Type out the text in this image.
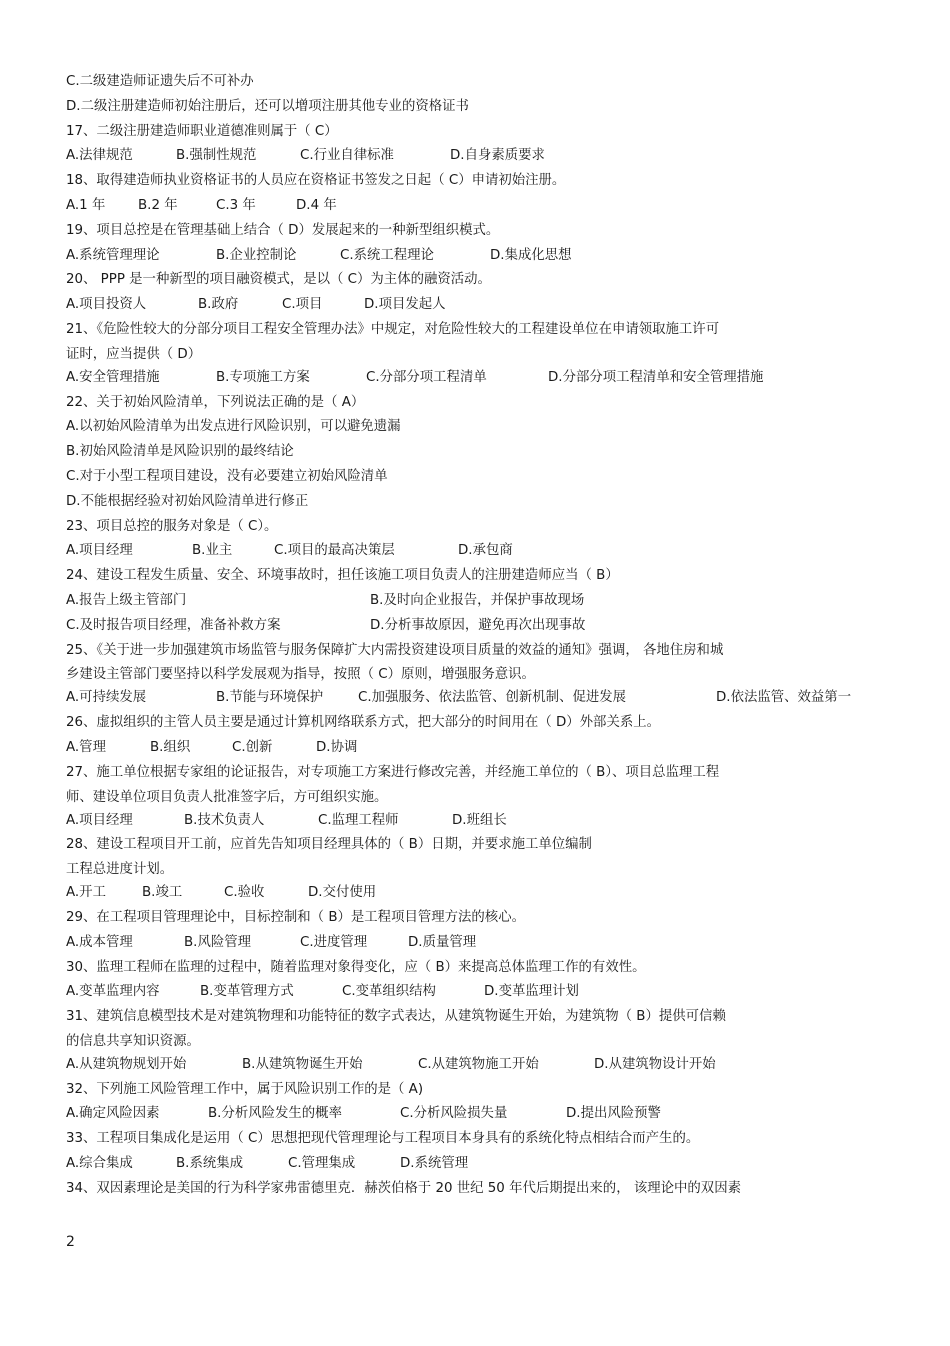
C.二级建造师证遗失后不可补办
D.二级注册建造师初始注册后，还可以增项注册其他专业的资格证书
17、二级注册建造师职业道德准则属于（ C）
A.法律规范	B.强制性规范	C.行业自律标准	D.自身素质要求
18、取得建造师执业资格证书的人员应在资格证书签发之日起（ C）申请初始注册。
A.1 年	B.2 年	C.3 年	D.4 年
19、项目总控是在管理基础上结合（ D）发展起来的一种新型组织模式。
A.系统管理理论	B.企业控制论	C.系统工程理论	D.集成化思想
20、 PPP 是一种新型的项目融资模式，是以（ C）为主体的融资活动。
A.项目投资人	B.政府	C.项目	D.项目发起人
21、《危险性较大的分部分项目工程安全管理办法》中规定，对危险性较大的工程建设单位在申请领取施工许可
证时，应当提供（ D）
A.安全管理措施	B.专项施工方案	C.分部分项工程清单	D.分部分项工程清单和安全管理措施
22、关于初始风险清单，下列说法正确的是（ A）
A.以初始风险清单为出发点进行风险识别，可以避免遗漏
B.初始风险清单是风险识别的最终结论
C.对于小型工程项目建设，没有必要建立初始风险清单
D.不能根据经验对初始风险清单进行修正
23、项目总控的服务对象是（ C）。
A.项目经理	B.业主	C.项目的最高决策层	D.承包商
24、建设工程发生质量、安全、环境事故时，担任该施工项目负责人的注册建造师应当（ B）
A.报告上级主管部门	B.及时向企业报告，并保护事故现场
C.及时报告项目经理，准备补救方案	D.分析事故原因，避免再次出现事故
25、《关于进一步加强建筑市场监管与服务保障扩大内需投资建设项目质量的效益的通知》强调， 各地住房和城
乡建设主管部门要坚持以科学发展观为指导，按照（ C）原则，增强服务意识。
A.可持续发展	B.节能与环境保护	C.加强服务、依法监管、创新机制、促进发展	D.依法监管、效益第一
26、虚拟组织的主管人员主要是通过计算机网络联系方式，把大部分的时间用在（ D）外部关系上。
A.管理	B.组织	C.创新	D.协调
27、施工单位根据专家组的论证报告，对专项施工方案进行修改完善，并经施工单位的（ B）、项目总监理工程
师、建设单位项目负责人批准签字后，方可组织实施。
A.项目经理	B.技术负责人	C.监理工程师	D.班组长
28、建设工程项目开工前，应首先告知项目经理具体的（ B）日期，并要求施工单位编制
工程总进度计划。
A.开工	B.竣工	C.验收	D.交付使用
29、在工程项目管理理论中，目标控制和（ B）是工程项目管理方法的核心。
A.成本管理	B.风险管理	C.进度管理	D.质量管理
30、监理工程师在监理的过程中，随着监理对象得变化，应（ B）来提高总体监理工作的有效性。
A.变革监理内容	B.变革管理方式	C.变革组织结构	D.变革监理计划
31、建筑信息模型技术是对建筑物理和功能特征的数字式表达，从建筑物诞生开始，为建筑物（ B）提供可信赖
的信息共享知识资源。
A.从建筑物规划开始	B.从建筑物诞生开始	C.从建筑物施工开始	D.从建筑物设计开始
32、下列施工风险管理工作中，属于风险识别工作的是（ A)
A.确定风险因素	B.分析风险发生的概率	C.分析风险损失量	D.提出风险预警
33、工程项目集成化是运用（ C）思想把现代管理理论与工程项目本身具有的系统化特点相结合而产生的。
A.综合集成	B.系统集成	C.管理集成	D.系统管理
34、双因素理论是美国的行为科学家弗雷德里克．赫茨伯格于 20 世纪 50 年代后期提出来的， 该理论中的双因素
2
